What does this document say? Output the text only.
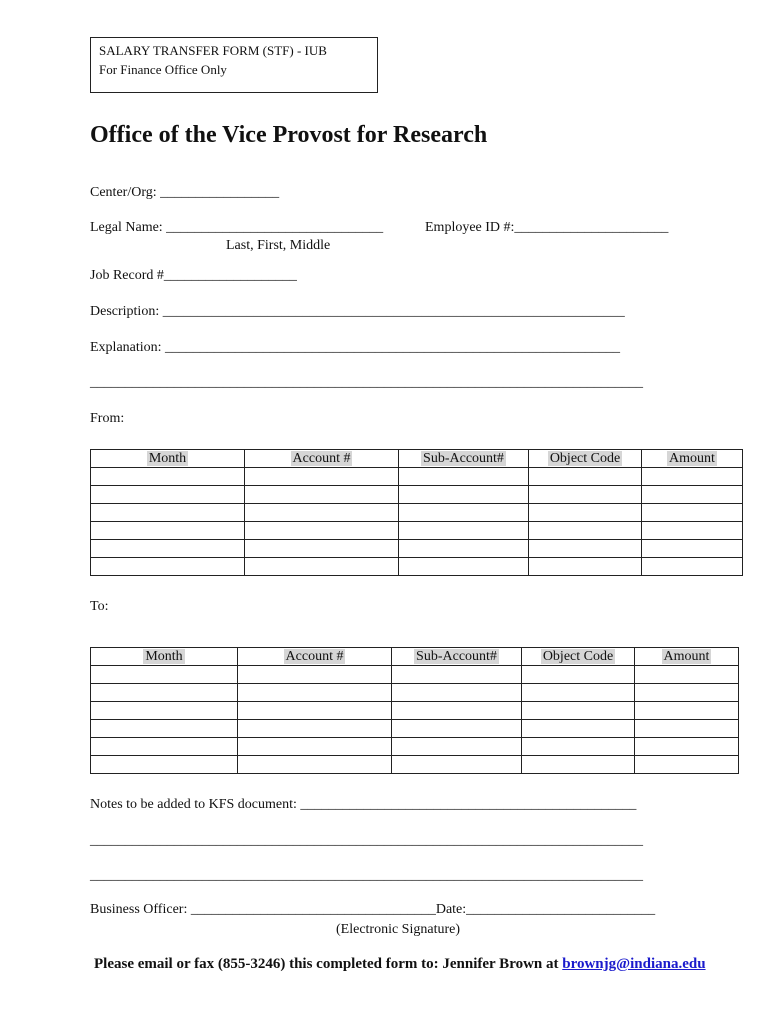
SALARY TRANSFER FORM (STF) - IUB
For Finance Office Only
Office of the Vice Provost for Research
Center/Org: _________________
Legal Name: _______________________________	Employee ID #:______________________
Last, First, Middle
Job Record #___________________
Description: __________________________________________________________________
Explanation: _________________________________________________________________
_______________________________________________________________________________
From:
Month	Account #	Sub-Account#	Object Code	Amount

To:
Month	Account #	Sub-Account#	Object Code	Amount

Notes to be added to KFS document: ________________________________________________
_______________________________________________________________________________
_______________________________________________________________________________
Business Officer: ___________________________________Date:___________________________
(Electronic Signature)
Please email or fax (855-3246) this completed form to: Jennifer Brown at brownjg@indiana.edu
